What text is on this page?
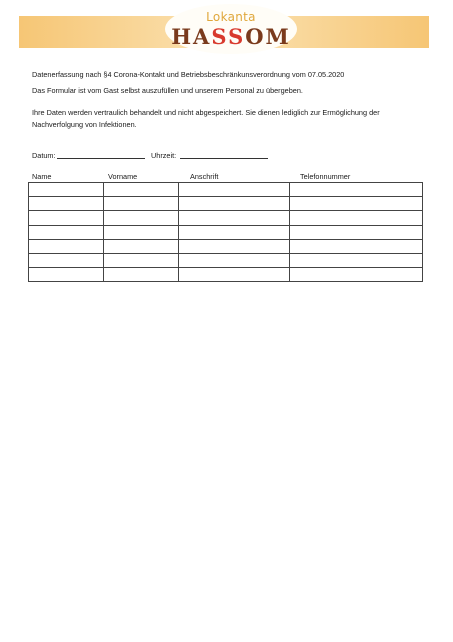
Lokanta
HASSOM
Datenerfassung nach §4 Corona-Kontakt und Betriebsbeschränkunsverordnung vom 07.05.2020
Das Formular ist vom Gast selbst auszufüllen und unserem Personal zu übergeben.
Ihre Daten werden vertraulich behandelt und nicht abgespeichert. Sie dienen lediglich zur Ermöglichung der
Nachverfolgung von Infektionen.
Datum:	Uhrzeit:
Name	Vorname	Anschrift	Telefonnummer
